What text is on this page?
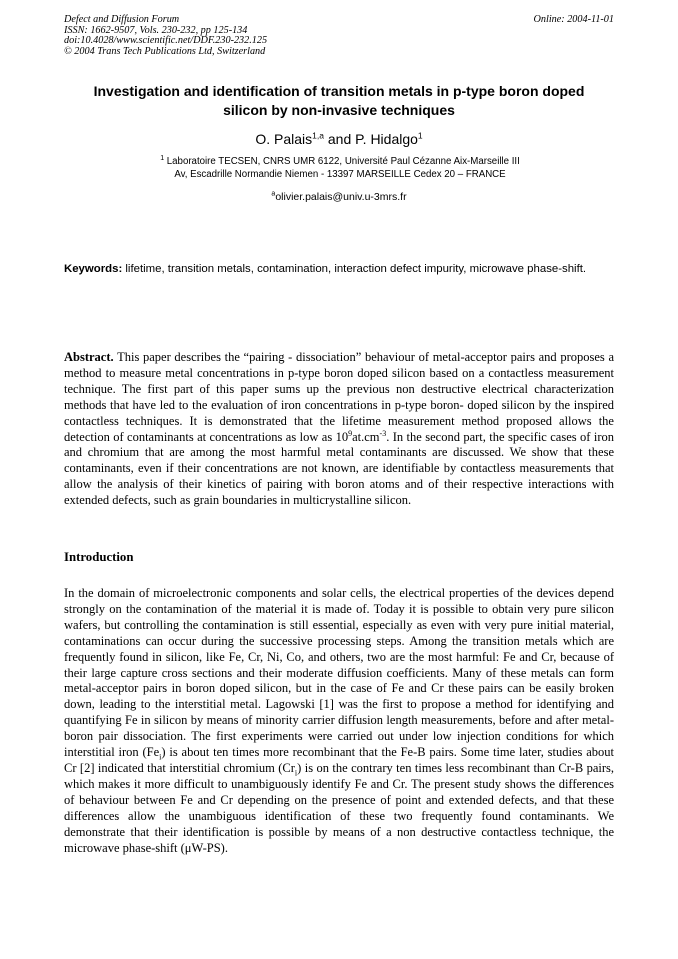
Defect and Diffusion Forum
ISSN: 1662-9507, Vols. 230-232, pp 125-134
doi:10.4028/www.scientific.net/DDF.230-232.125
© 2004 Trans Tech Publications Ltd, Switzerland
Online: 2004-11-01
Investigation and identification of transition metals in p-type boron doped silicon by non-invasive techniques
O. Palais$^{1,a}$ and P. Hidalgo$^1$
$^1$ Laboratoire TECSEN, CNRS UMR 6122, Université Paul Cézanne Aix-Marseille III
Av, Escadrille Normandie Niemen - 13397 MARSEILLE Cedex 20 – FRANCE
$^a$olivier.palais@univ.u-3mrs.fr
Keywords: lifetime, transition metals, contamination, interaction defect impurity, microwave phase-shift.
Abstract. This paper describes the “pairing - dissociation” behaviour of metal-acceptor pairs and proposes a method to measure metal concentrations in p-type boron doped silicon based on a contactless measurement technique. The first part of this paper sums up the previous non destructive electrical characterization methods that have led to the evaluation of iron concentrations in p-type boron- doped silicon by the inspired contactless techniques. It is demonstrated that the lifetime measurement method proposed allows the detection of contaminants at concentrations as low as $10^9at.cm^{-3}$. In the second part, the specific cases of iron and chromium that are among the most harmful metal contaminants are discussed. We show that these contaminants, even if their concentrations are not known, are identifiable by contactless measurements that allow the analysis of their kinetics of pairing with boron atoms and of their respective interactions with extended defects, such as grain boundaries in multicrystalline silicon.
Introduction
In the domain of microelectronic components and solar cells, the electrical properties of the devices depend strongly on the contamination of the material it is made of. Today it is possible to obtain very pure silicon wafers, but controlling the contamination is still essential, especially as even with very pure initial material, contaminations can occur during the successive processing steps. Among the transition metals which are frequently found in silicon, like Fe, Cr, Ni, Co, and others, two are the most harmful: Fe and Cr, because of their large capture cross sections and their moderate diffusion coefficients. Many of these metals can form metal-acceptor pairs in boron doped silicon, but in the case of Fe and Cr these pairs can be easily broken down, leading to the interstitial metal. Lagowski [1] was the first to propose a method for identifying and quantifying Fe in silicon by means of minority carrier diffusion length measurements, before and after metal-boron pair dissociation. The first experiments were carried out under low injection conditions for which interstitial iron $(Fe_i)$ is about ten times more recombinant that the Fe-B pairs. Some time later, studies about Cr [2] indicated that interstitial chromium $(Cr_i)$ is on the contrary ten times less recombinant than Cr-B pairs, which makes it more difficult to unambiguously identify Fe and Cr. The present study shows the differences of behaviour between Fe and Cr depending on the presence of point and extended defects, and that these differences allow the unambiguous identification of these two frequently found contaminants. We demonstrate that their identification is possible by means of a non destructive contactless technique, the microwave phase-shift (μW-PS).
